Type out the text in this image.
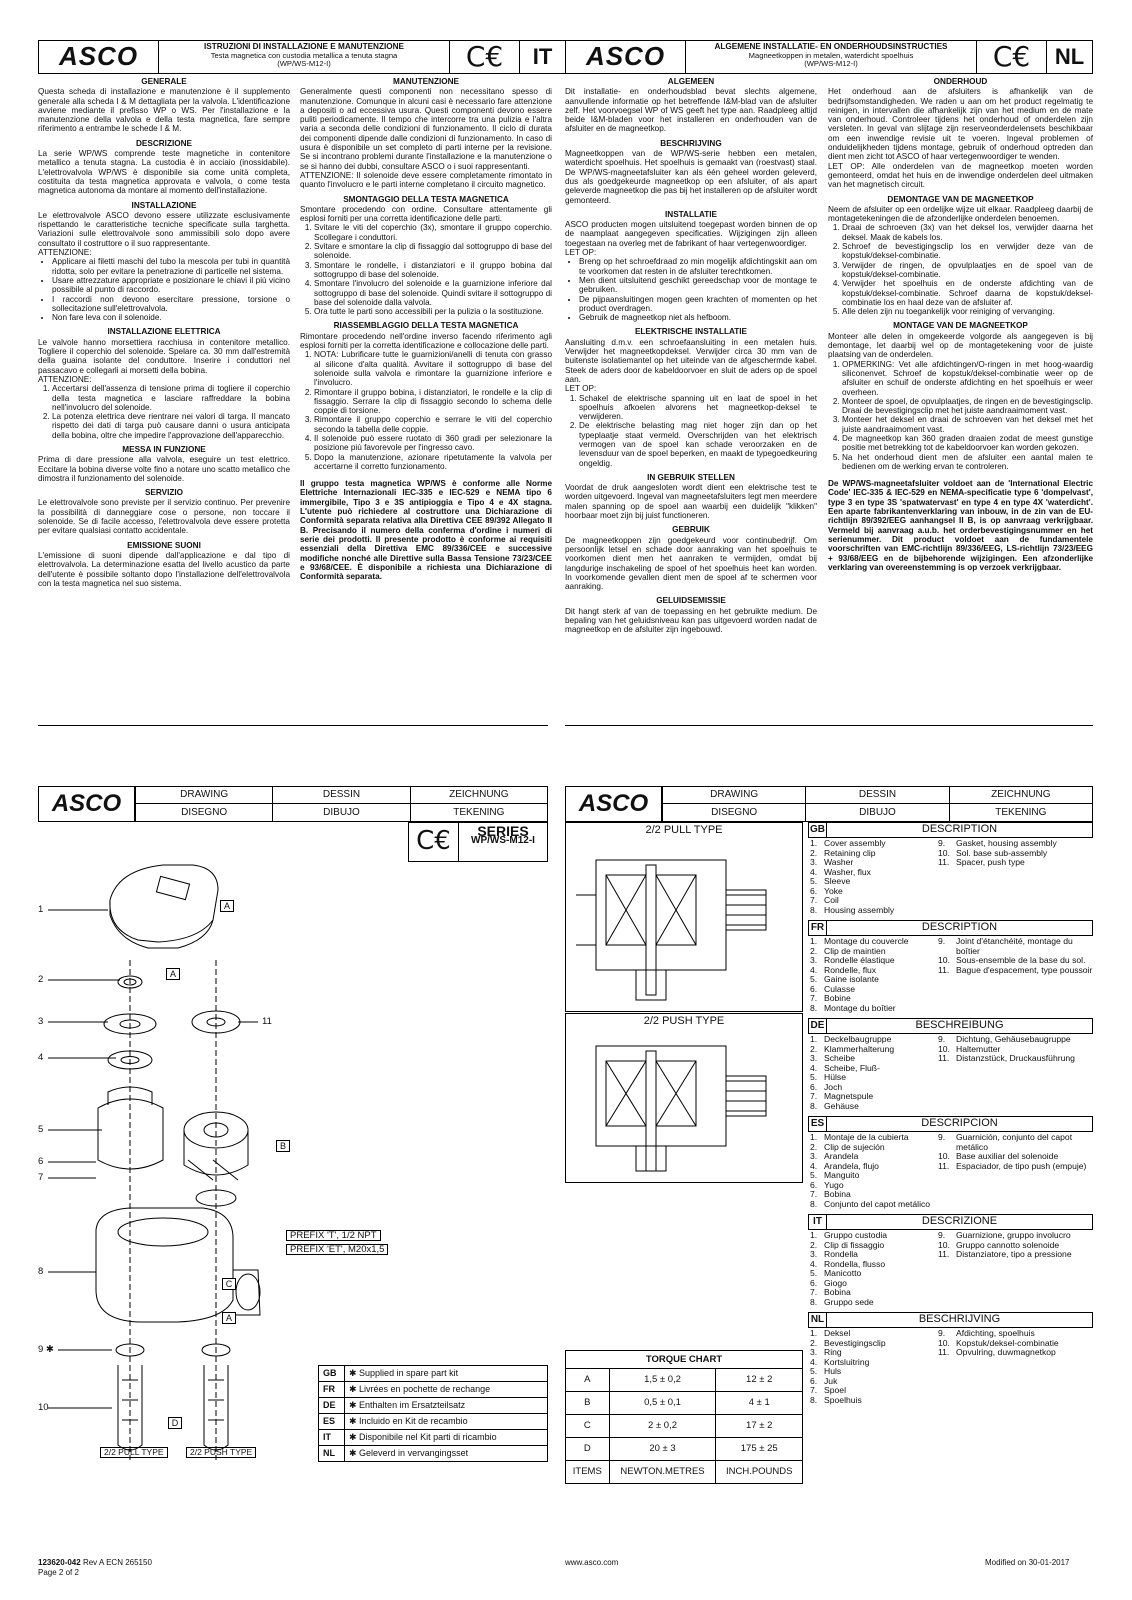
ASCO	ISTRUZIONI DI INSTALLAZIONE E MANUTENZIONE
Testa magnetica con custodia metallica a tenuta stagna
(WP/WS-M12-I)	C€	IT	ASCO	ALGEMENE INSTALLATIE- EN ONDERHOUDSINSTRUCTIES
Magneetkoppen in metalen, waterdicht spoelhuis
(WP/WS-M12-I)	C€	NL
GENERALE

Questa scheda di installazione e manutenzione è il supplemento generale alla scheda I & M dettagliata per la valvola. L'identificazione avviene mediante il prefisso WP o WS. Per l'installazione e la manutenzione della valvola e della testa magnetica, fare sempre riferimento a entrambe le schede I & M.

DESCRIZIONE

La serie WP/WS comprende teste magnetiche in contenitore metallico a tenuta stagna. La custodia è in acciaio (inossidabile). L'elettrovalvola WP/WS è disponibile sia come unità completa, costituita da testa magnetica approvata e valvola, o come testa magnetica autonoma da montare al momento dell'installazione.

INSTALLAZIONE

Le elettrovalvole ASCO devono essere utilizzate esclusivamente rispettando le caratteristiche tecniche specificate sulla targhetta. Variazioni sulle elettrovalvole sono ammissibili solo dopo avere consultato il costruttore o il suo rappresentante.

ATTENZIONE:

• Applicare ai filetti maschi del tubo la mescola per tubi in quantità ridotta, solo per evitare la penetrazione di particelle nel sistema.
• Usare attrezzature appropriate e posizionare le chiavi il più vicino possibile al punto di raccordo.
• I raccordi non devono esercitare pressione, torsione o sollecitazione sull'elettrovalvola.
• Non fare leva con il solenoide.
INSTALLAZIONE ELETTRICA

Le valvole hanno morsettiera racchiusa in contenitore metallico. Togliere il coperchio del solenoide. Spelare ca. 30 mm dall'estremità della guaina isolante del conduttore. Inserire i conduttori nel passacavo e collegarli ai morsetti della bobina.

ATTENZIONE:

1. Accertarsi dell'assenza di tensione prima di togliere il coperchio della testa magnetica e lasciare raffreddare la bobina nell'involucro del solenoide.
2. La potenza elettrica deve rientrare nei valori di targa. Il mancato rispetto dei dati di targa può causare danni o usura anticipata della bobina, oltre che impedire l'approvazione dell'apparecchio.
MESSA IN FUNZIONE

Prima di dare pressione alla valvola, eseguire un test elettrico. Eccitare la bobina diverse volte fino a notare uno scatto metallico che dimostra il funzionamento del solenoide.

SERVIZIO

Le elettrovalvole sono previste per il servizio continuo. Per prevenire la possibilità di danneggiare cose o persone, non toccare il solenoide. Se di facile accesso, l'elettrovalvola deve essere protetta per evitare qualsiasi contatto accidentale.

EMISSIONE SUONI

L'emissione di suoni dipende dall'applicazione e dal tipo di elettrovalvola. La determinazione esatta del livello acustico da parte dell'utente è possibile soltanto dopo l'installazione dell'elettrovalvola con la testa magnetica nel suo sistema.

MANUTENZIONE

Generalmente questi componenti non necessitano spesso di manutenzione. Comunque in alcuni casi è necessario fare attenzione a depositi o ad eccessiva usura. Questi componenti devono essere puliti periodicamente. Il tempo che intercorre tra una pulizia e l'altra varia a seconda delle condizioni di funzionamento. Il ciclo di durata dei componenti dipende dalle condizioni di funzionamento. In caso di usura è disponibile un set completo di parti interne per la revisione. Se si incontrano problemi durante l'installazione e la manutenzione o se si hanno dei dubbi, consultare ASCO o i suoi rappresentanti.

ATTENZIONE: Il solenoide deve essere completamente rimontato in quanto l'involucro e le parti interne completano il circuito magnetico.

SMONTAGGIO DELLA TESTA MAGNETICA

Smontare procedendo con ordine. Consultare attentamente gli esplosi forniti per una corretta identificazione delle parti.

1. Svitare le viti del coperchio (3x), smontare il gruppo coperchio. Scollegare i conduttori.
2. Svitare e smontare la clip di fissaggio dal sottogruppo di base del solenoide.
3. Smontare le rondelle, i distanziatori e il gruppo bobina dal sottogruppo di base del solenoide.
4. Smontare l'involucro del solenoide e la guarnizione inferiore dal sottogruppo di base del solenoide. Quindi svitare il sottogruppo di base del solenoide dalla valvola.
5. Ora tutte le parti sono accessibili per la pulizia o la sostituzione.
RIASSEMBLAGGIO DELLA TESTA MAGNETICA

Rimontare procedendo nell'ordine inverso facendo riferimento agli esplosi forniti per la corretta identificazione e collocazione delle parti.

1. NOTA: Lubrificare tutte le guarnizioni/anelli di tenuta con grasso al silicone d'alta qualità. Avvitare il sottogruppo di base del solenoide sulla valvola e rimontare la guarnizione inferiore e l'involucro.
2. Rimontare il gruppo bobina, i distanziatori, le rondelle e la clip di fissaggio. Serrare la clip di fissaggio secondo lo schema delle coppie di torsione.
3. Rimontare il gruppo coperchio e serrare le viti del coperchio secondo la tabella delle coppie.
4. Il solenoide può essere ruotato di 360 gradi per selezionare la posizione più favorevole per l'ingresso cavo.
5. Dopo la manutenzione, azionare ripetutamente la valvola per accertarne il corretto funzionamento.

Il gruppo testa magnetica WP/WS è conforme alle Norme Elettriche Internazionali IEC-335 e IEC-529 e NEMA tipo 6 immergibile, Tipo 3 e 3S antipioggia e Tipo 4 e 4X stagna. L'utente può richiedere al costruttore una Dichiarazione di Conformità separata relativa alla Direttiva CEE 89/392 Allegato II B. Precisando il numero della conferma d'ordine i numeri di serie dei prodotti. Il presente prodotto è conforme ai requisiti essenziali della Direttiva EMC 89/336/CEE e successive modifiche nonché alle Direttive sulla Bassa Tensione 73/23/CEE e 93/68/CEE. È disponibile a richiesta una Dichiarazione di Conformità separata.

ALGEMEEN

Dit installatie- en onderhoudsblad bevat slechts algemene, aanvullende informatie op het betreffende I&M-blad van de afsluiter zelf. Het voorvoegsel WP of WS geeft het type aan. Raadpleeg altijd beide I&M-bladen voor het installeren en onderhouden van de afsluiter en de magneetkop.

BESCHRIJVING

Magneetkoppen van de WP/WS-serie hebben een metalen, waterdicht spoelhuis. Het spoelhuis is gemaakt van (roestvast) staal. De WP/WS-magneetafsluiter kan als één geheel worden geleverd, dus als goedgekeurde magneetkop op een afsluiter, of als apart geleverde magneetkop die pas bij het installeren op de afsluiter wordt gemonteerd.

INSTALLATIE

ASCO producten mogen uitsluitend toegepast worden binnen de op de naamplaat aangegeven specificaties. Wijzigingen zijn alleen toegestaan na overleg met de fabrikant of haar vertegenwoordiger.

LET OP:

• Breng op het schroefdraad zo min mogelijk afdichtingskit aan om te voorkomen dat resten in de afsluiter terechtkomen.
• Men dient uitsluitend geschikt gereedschap voor de montage te gebruiken.
• De pijpaansluitingen mogen geen krachten of momenten op het product overdragen.
• Gebruik de magneetkop niet als hefboom.
ELEKTRISCHE INSTALLATIE

Aansluiting d.m.v. een schroefaansluiting in een metalen huis. Verwijder het magneetkopdeksel. Verwijder circa 30 mm van de buitenste isolatiemantel op het uiteinde van de afgeschermde kabel. Steek de aders door de kabeldoorvoer en sluit de aders op de spoel aan.

LET OP:

1. Schakel de elektrische spanning uit en laat de spoel in het spoelhuis afkoelen alvorens het magneetkop-deksel te verwijderen.
2. De elektrische belasting mag niet hoger zijn dan op het typeplaatje staat vermeld. Overschrijden van het elektrisch vermogen van de spoel kan schade veroorzaken en de levensduur van de spoel beperken, en maakt de typegoedkeuring ongeldig.
IN GEBRUIK STELLEN

Voordat de druk aangesloten wordt dient een elektrische test te worden uitgevoerd. Ingeval van magneetafsluiters legt men meerdere malen spanning op de spoel aan waarbij een duidelijk "klikken" hoorbaar moet zijn bij juist functioneren.

GEBRUIK

De magneetkoppen zijn goedgekeurd voor continubedrijf. Om persoonlijk letsel en schade door aanraking van het spoelhuis te voorkomen dient men het aanraken te vermijden, omdat bij langdurige inschakeling de spoel of het spoelhuis heet kan worden. In voorkomende gevallen dient men de spoel af te schermen voor aanraking.

GELUIDSEMISSIE

Dit hangt sterk af van de toepassing en het gebruikte medium. De bepaling van het geluidsniveau kan pas uitgevoerd worden nadat de magneetkop en de afsluiter zijn ingebouwd.

ONDERHOUD

Het onderhoud aan de afsluiters is afhankelijk van de bedrijfsomstandigheden. We raden u aan om het product regelmatig te reinigen, in intervallen die afhankelijk zijn van het medium en de mate van onderhoud. Controleer tijdens het onderhoud of onderdelen zijn versleten. In geval van slijtage zijn reserveonderdelensets beschikbaar om een inwendige revisie uit te voeren. Ingeval problemen of onduidelijkheden tijdens montage, gebruik of onderhoud optreden dan dient men zicht tot ASCO of haar vertegenwoordiger te wenden.

LET OP: Alle onderdelen van de magneetkop moeten worden gemonteerd, omdat het huis en de inwendige onderdelen deel uitmaken van het magnetisch circuit.

DEMONTAGE VAN DE MAGNEETKOP

Neem de afsluiter op een ordelijke wijze uit elkaar. Raadpleeg daarbij de montagetekeningen die de afzonderlijke onderdelen benoemen.

1. Draai de schroeven (3x) van het deksel los, verwijder daarna het deksel. Maak de kabels los.
2. Schroef de bevestigingsclip los en verwijder deze van de kopstuk/deksel-combinatie.
3. Verwijder de ringen, de opvulplaatjes en de spoel van de kopstuk/deksel-combinatie.
4. Verwijder het spoelhuis en de onderste afdichting van de kopstuk/deksel-combinatie. Schroef daarna de kopstuk/deksel-combinatie los en haal deze van de afsluiter af.
5. Alle delen zijn nu toegankelijk voor reiniging of vervanging.
MONTAGE VAN DE MAGNEETKOP

Monteer alle delen in omgekeerde volgorde als aangegeven is bij demontage, let daarbij wel op de montagetekening voor de juiste plaatsing van de onderdelen.

1. OPMERKING: Vet alle afdichtingen/O-ringen in met hoog-waardig siliconenvet. Schroef de kopstuk/deksel-combinatie weer op de afsluiter en schuif de onderste afdichting en het spoelhuis er weer overheen.
2. Monteer de spoel, de opvulplaatjes, de ringen en de bevestigingsclip. Draai de bevestigingsclip met het juiste aandraaimoment vast.
3. Monteer het deksel en draai de schroeven van het deksel met het juiste aandraaimoment vast.
4. De magneetkop kan 360 graden draaien zodat de meest gunstige positie met betrekking tot de kabeldoorvoer kan worden gekozen.
5. Na het onderhoud dient men de afsluiter een aantal malen te bedienen om de werking ervan te controleren.

De WP/WS-magneetafsluiter voldoet aan de 'International Electric Code' IEC-335 & IEC-529 en NEMA-specificatie type 6 'dompelvast', type 3 en type 3S 'spatwatervast' en type 4 en type 4X 'waterdicht'. Een aparte fabrikantenverklaring van inbouw, in de zin van de EU-richtlijn 89/392/EEG aanhangsel II B, is op aanvraag verkrijgbaar. Vermeld bij aanvraag a.u.b. het orderbevestigingsnummer en het serienummer. Dit product voldoet aan de fundamentele voorschriften van EMC-richtlijn 89/336/EEG, LS-richtlijn 73/23/EEG + 93/68/EEG en de bijbehorende wijzigingen. Een afzonderlijke verklaring van overeenstemming is op verzoek verkrijgbaar.

ASCO	DRAWING	DESSIN	ZEICHNUNG
DISEGNO	DIBUJO	TEKENING	ASCO	DRAWING	DESSIN	ZEICHNUNG
DISEGNO	DIBUJO	TEKENING
C€	SERIES
WP/WS-M12-I
1
2
3
4
5
6
7
8
9 ✱
10
11
A
A
B
C
A
D
PREFIX 'T', 1/2 NPT
PREFIX 'ET', M20x1,5
2/2 PULL TYPE	2/2 PUSH TYPE
GB	✱ Supplied in spare part kit
FR	✱ Livrées en pochette de rechange
DE	✱ Enthalten im Ersatzteilsatz
ES	✱ Incluido en Kit de recambio
IT	✱ Disponibile nel Kit parti di ricambio
NL	✱ Geleverd in vervangingsset
2/2 PULL TYPE
2/2 PUSH TYPE
TORQUE CHART		
A	1,5 ± 0,2	12 ± 2
B	0,5 ± 0,1	4 ± 1
C	2 ± 0,2	17 ± 2
D	20 ± 3	175 ± 25
ITEMS	NEWTON.METRES	INCH.POUNDS
GB	DESCRIPTION
1. Cover assembly
2. Retaining clip
3. Washer
4. Washer, flux
5. Sleeve
6. Yoke
7. Coil
8. Housing assembly
9.	Gasket, housing assembly
10. Sol. base sub-assembly
11. Spacer, push type
FR	DESCRIPTION
1. Montage du couvercle
2. Clip de maintien
3. Rondelle élastique
4. Rondelle, flux
5. Gaine isolante
6. Culasse
7. Bobine
8. Montage du boîtier
9.	Joint d'étanchéité, montage du boîtier
10. Sous-ensemble de la base du sol.
11. Bague d'espacement, type poussoir
DE	BESCHREIBUNG
1. Deckelbaugruppe
2. Klammerhalterung
3. Scheibe
4. Scheibe, Fluß-
5. Hülse
6. Joch
7. Magnetspule
8. Gehäuse
9.	Dichtung, Gehäusebaugruppe
10. Haltemutter
11. Distanzstück, Druckausführung
ES	DESCRIPCION
1. Montaje de la cubierta
2. Clip de sujeción
3. Arandela
4. Arandela, flujo
5. Manguito
6. Yugo
7. Bobina
8. Conjunto del capot metálico
9.	Guarnición, conjunto del capot metálico
10. Base auxiliar del solenoide
11. Espaciador, de tipo push (empuje)
IT	DESCRIZIONE
1. Gruppo custodia
2. Clip di fissaggio
3. Rondella
4. Rondella, flusso
5. Manicotto
6. Giogo
7. Bobina
8. Gruppo sede
9.	Guarnizione, gruppo involucro
10. Gruppo cannotto solenoide
11. Distanziatore, tipo a pressione
NL	BESCHRIJVING
1. Deksel
2. Bevestigingsclip
3. Ring
4. Kortsluitring
5. Huls
6. Juk
7. Spoel
8. Spoelhuis
9.	Afdichting, spoelhuis
10. Kopstuk/deksel-combinatie
11. Opvulring, duwmagnetkop
123620-042 Rev A ECN 265150
Page 2 of 2
www.asco.com	Modified on 30-01-2017
